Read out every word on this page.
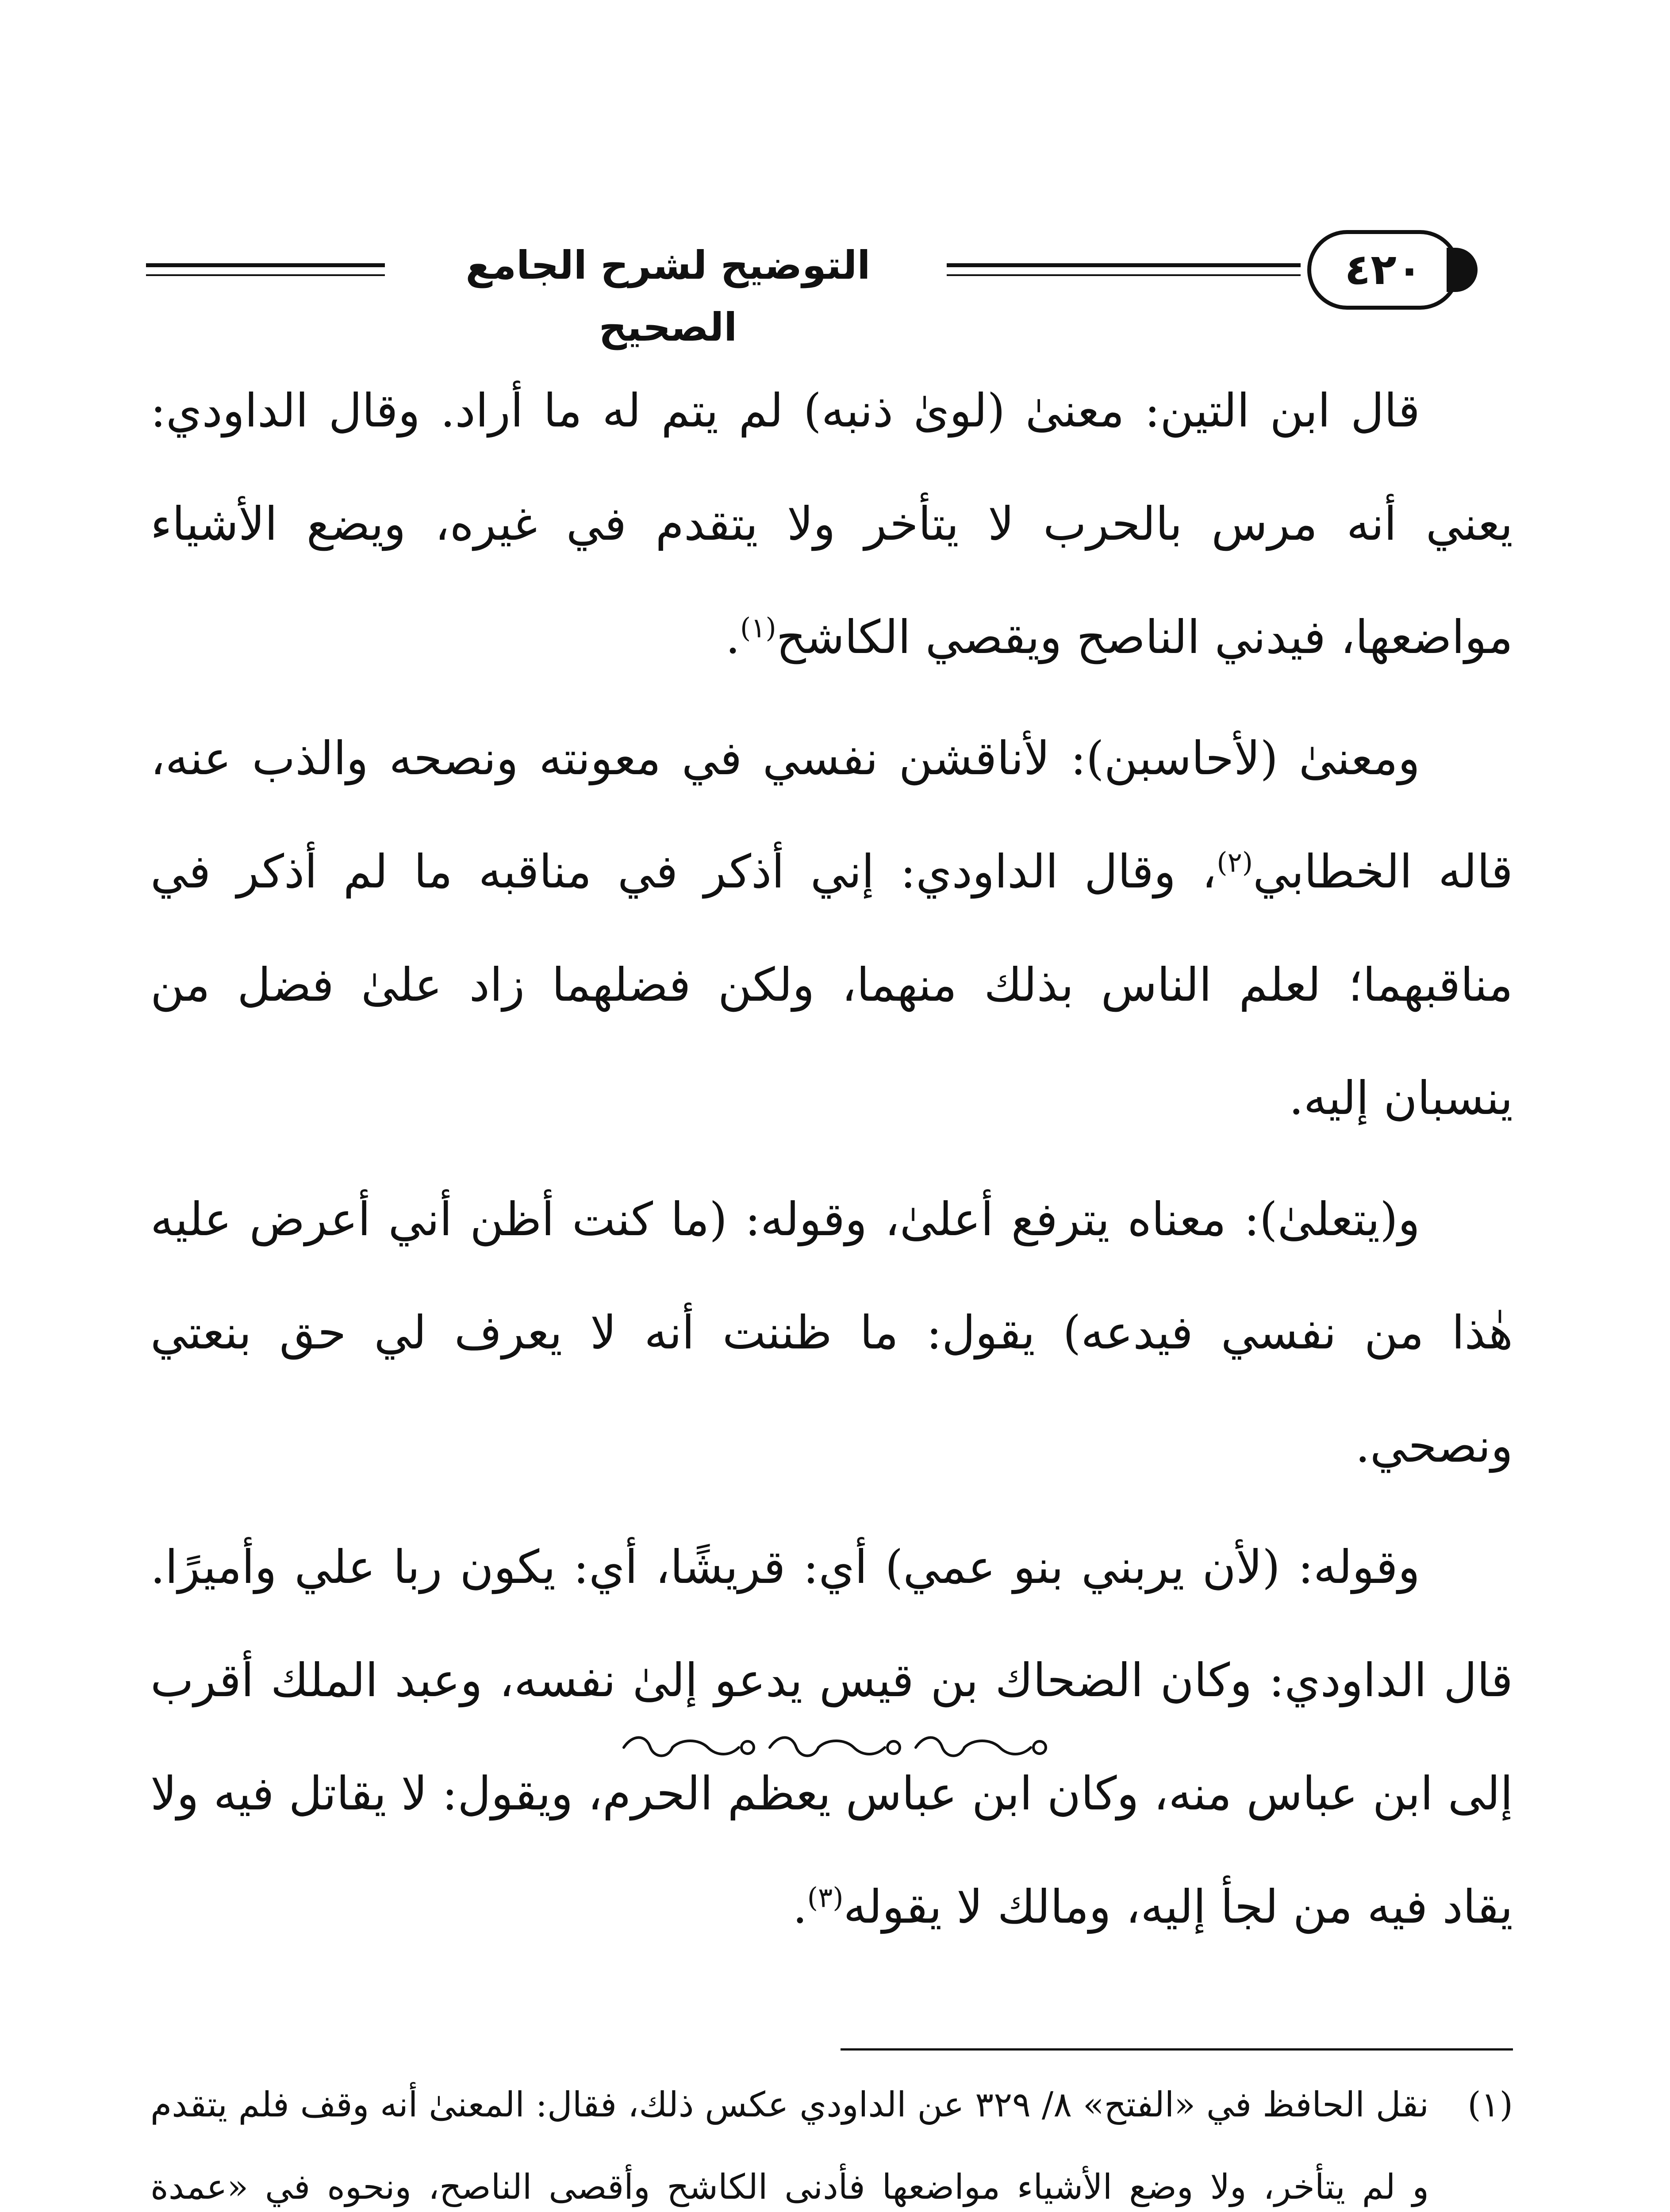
التوضيح لشرح الجامع الصحيح
٤٢٠

قال ابن التين: معنىٰ (لوىٰ ذنبه) لم يتم له ما أراد. وقال الداودي: يعني أنه مرس بالحرب لا يتأخر ولا يتقدم في غيره، ويضع الأشياء مواضعها، فيدني الناصح ويقصي الكاشح$^{(١)}$.

ومعنىٰ (لأحاسبن): لأناقشن نفسي في معونته ونصحه والذب عنه، قاله الخطابي$^{(٢)}$، وقال الداودي: إني أذكر في مناقبه ما لم أذكر في مناقبهما؛ لعلم الناس بذلك منهما، ولكن فضلهما زاد علىٰ فضل من ينسبان إليه.

و(يتعلىٰ): معناه يترفع أعلىٰ، وقوله: (ما كنت أظن أني أعرض عليه هٰذا من نفسي فيدعه) يقول: ما ظننت أنه لا يعرف لي حق بنعتي ونصحي.

وقوله: (لأن يربني بنو عمي) أي: قريشًا، أي: يكون ربا علي وأميرًا. قال الداودي: وكان الضحاك بن قيس يدعو إلىٰ نفسه، وعبد الملك أقرب إلى ابن عباس منه، وكان ابن عباس يعظم الحرم، ويقول: لا يقاتل فيه ولا يقاد فيه من لجأ إليه، ومالك لا يقوله$^{(٣)}$.

(١)
نقل الحافظ في «الفتح» ٨/ ٣٢٩ عن الداودي عكس ذلك، فقال: المعنىٰ أنه وقف فلم يتقدم و لم يتأخر، ولا وضع الأشياء مواضعها فأدنى الكاشح وأقصى الناصح، ونحوه في «عمدة
